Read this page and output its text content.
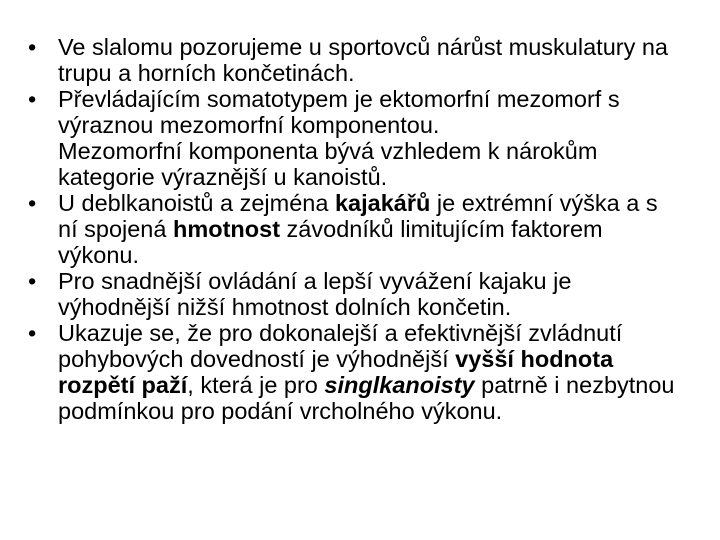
• Ve slalomu pozorujeme u sportovců nárůst muskulatury na trupu a horních končetinách.
• Převládajícím somatotypem je ektomorfní mezomorf s výraznou mezomorfní komponentou.
Mezomorfní komponenta bývá vzhledem k nárokům kategorie výraznější u kanoistů.
• U deblkanoistů a zejména kajakářů je extrémní výška a s ní spojená hmotnost závodníků limitujícím faktorem výkonu.
• Pro snadnější ovládání a lepší vyvážení kajaku je výhodnější nižší hmotnost dolních končetin.
• Ukazuje se, že pro dokonalejší a efektivnější zvládnutí pohybových dovedností je výhodnější vyšší hodnota rozpětí paží, která je pro singlkanoisty patrně i nezbytnou podmínkou pro podání vrcholného výkonu.
